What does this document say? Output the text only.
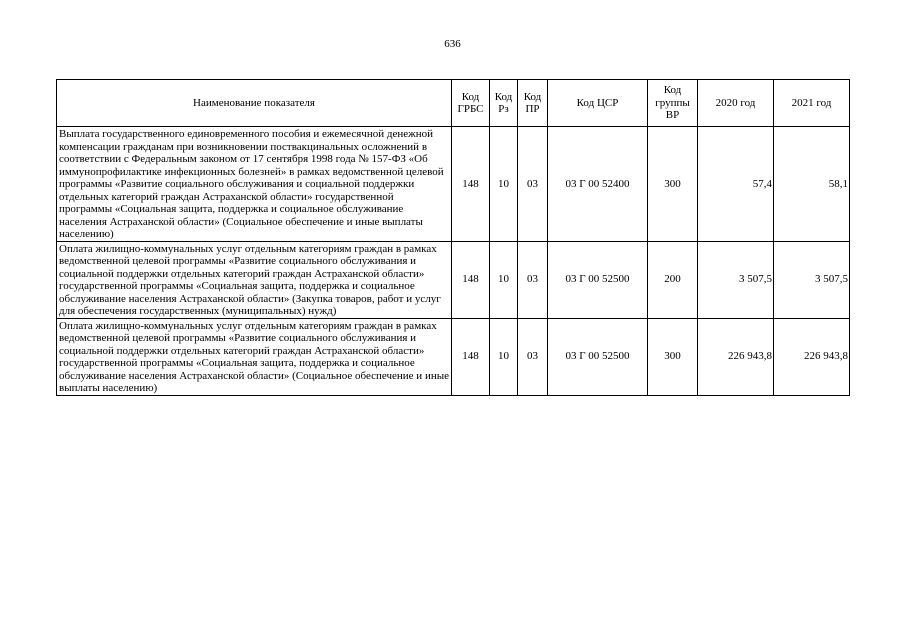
636
Наименование показателя	Код ГРБС	Код Рз	Код ПР	Код ЦСР	Код группы ВР	2020 год	2021 год
Выплата государственного единовременного пособия и ежемесячной денежной компенсации гражданам при возникновении поствакцинальных осложнений в соответствии с Федеральным законом от 17 сентября 1998 года № 157-ФЗ «Об иммунопрофилактике инфекционных болезней» в рамках ведомственной целевой программы «Развитие социального обслуживания и социальной поддержки отдельных категорий граждан Астраханской области» государственной программы «Социальная защита, поддержка и социальное обслуживание населения Астраханской области» (Социальное обеспечение и иные выплаты населению)	148	10	03	03 Г 00 52400	300	57,4	58,1
Оплата жилищно-коммунальных услуг отдельным категориям граждан в рамках ведомственной целевой программы «Развитие социального обслуживания и социальной поддержки отдельных категорий граждан Астраханской области» государственной программы «Социальная защита, поддержка и социальное обслуживание населения Астраханской области» (Закупка товаров, работ и услуг для обеспечения государственных (муниципальных) нужд)	148	10	03	03 Г 00 52500	200	3 507,5	3 507,5
Оплата жилищно-коммунальных услуг отдельным категориям граждан в рамках ведомственной целевой программы «Развитие социального обслуживания и социальной поддержки отдельных категорий граждан Астраханской области» государственной программы «Социальная защита, поддержка и социальное обслуживание населения Астраханской области» (Социальное обеспечение и иные выплаты населению)	148	10	03	03 Г 00 52500	300	226 943,8	226 943,8
